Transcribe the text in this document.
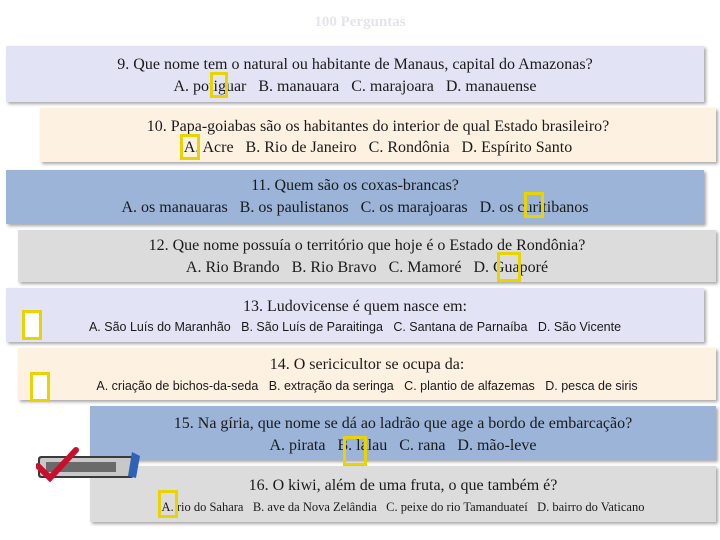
100 Perguntas
9. Que nome tem o natural ou habitante de Manaus, capital do Amazonas?
A. potiguar   B. manauara   C. marajoara   D. manauense
10. Papa-goiabas são os habitantes do interior de qual Estado brasileiro?
A. Acre   B. Rio de Janeiro   C. Rondônia   D. Espírito Santo
11. Quem são os coxas-brancas?
A. os manauaras   B. os paulistanos   C. os marajoaras   D. os curitibanos
12. Que nome possuía o território que hoje é o Estado de Rondônia?
A. Rio Brando   B. Rio Bravo   C. Mamoré   D. Guaporé
13. Ludovicense é quem nasce em:
A. São Luís do Maranhão   B. São Luís de Paraitinga   C. Santana de Parnaíba   D. São Vicente
14. O sericicultor se ocupa da:
A. criação de bichos-da-seda   B. extração da seringa   C. plantio de alfazemas   D. pesca de siris
15. Na gíria, que nome se dá ao ladrão que age a bordo de embarcação?
A. pirata   B. lalau   C. rana   D. mão-leve
16. O kiwi, além de uma fruta, o que também é?
A. rio do Sahara   B. ave da Nova Zelândia   C. peixe do rio Tamanduateí   D. bairro do Vaticano
